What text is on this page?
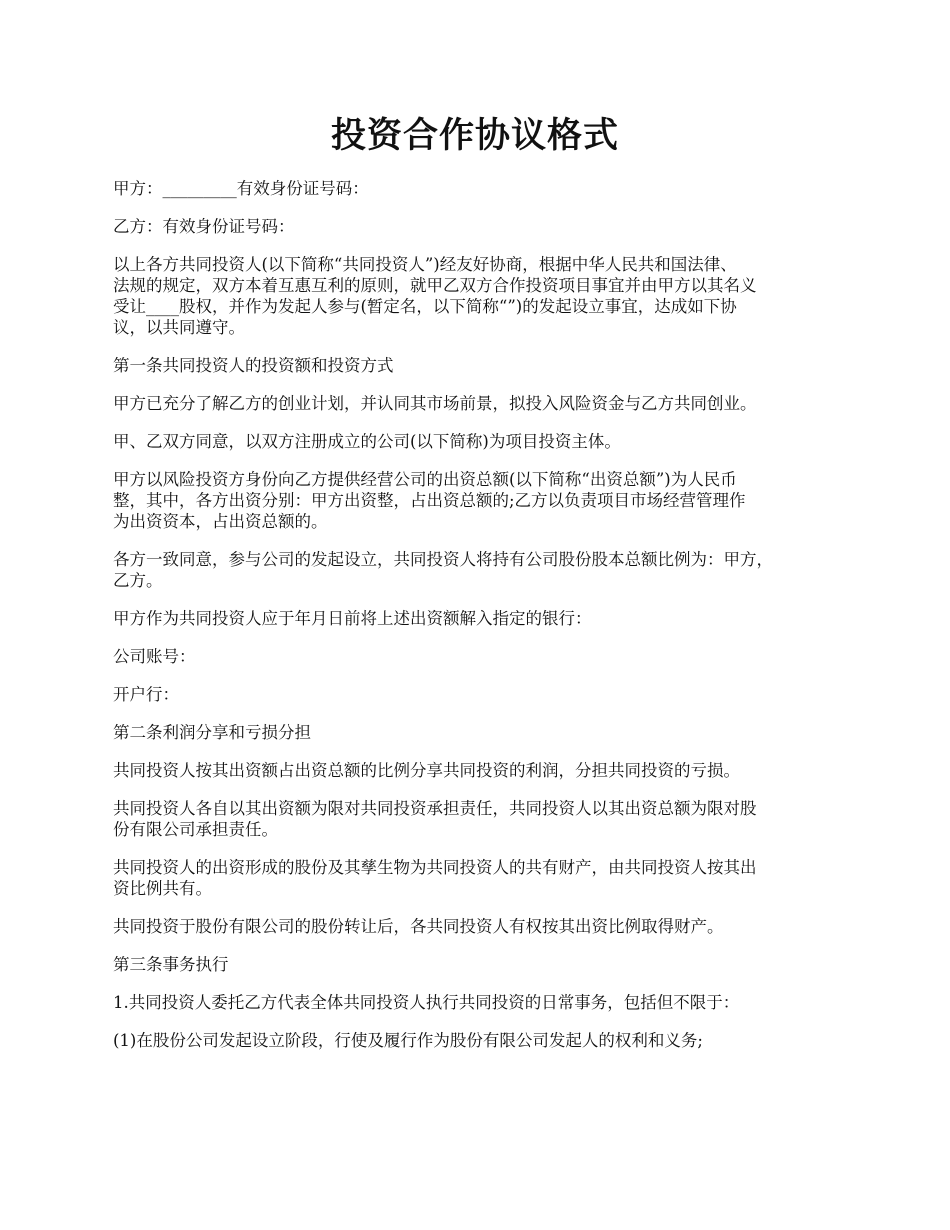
投资合作协议格式

甲方：_________有效身份证号码：

乙方：有效身份证号码：

以上各方共同投资人(以下简称“共同投资人”)经友好协商，根据中华人民共和国法律、
法规的规定，双方本着互惠互利的原则，就甲乙双方合作投资项目事宜并由甲方以其名义
受让____股权，并作为发起人参与(暂定名，以下简称“”)的发起设立事宜，达成如下协
议，以共同遵守。

第一条共同投资人的投资额和投资方式

甲方已充分了解乙方的创业计划，并认同其市场前景，拟投入风险资金与乙方共同创业。

甲、乙双方同意，以双方注册成立的公司(以下简称)为项目投资主体。

甲方以风险投资方身份向乙方提供经营公司的出资总额(以下简称“出资总额”)为人民币
整，其中，各方出资分别：甲方出资整，占出资总额的;乙方以负责项目市场经营管理作
为出资资本，占出资总额的。

各方一致同意，参与公司的发起设立，共同投资人将持有公司股份股本总额比例为：甲方，
乙方。

甲方作为共同投资人应于年月日前将上述出资额解入指定的银行：

公司账号：

开户行：

第二条利润分享和亏损分担

共同投资人按其出资额占出资总额的比例分享共同投资的利润，分担共同投资的亏损。

共同投资人各自以其出资额为限对共同投资承担责任，共同投资人以其出资总额为限对股
份有限公司承担责任。

共同投资人的出资形成的股份及其孳生物为共同投资人的共有财产，由共同投资人按其出
资比例共有。

共同投资于股份有限公司的股份转让后，各共同投资人有权按其出资比例取得财产。

第三条事务执行

1.共同投资人委托乙方代表全体共同投资人执行共同投资的日常事务，包括但不限于：

(1)在股份公司发起设立阶段，行使及履行作为股份有限公司发起人的权利和义务;
